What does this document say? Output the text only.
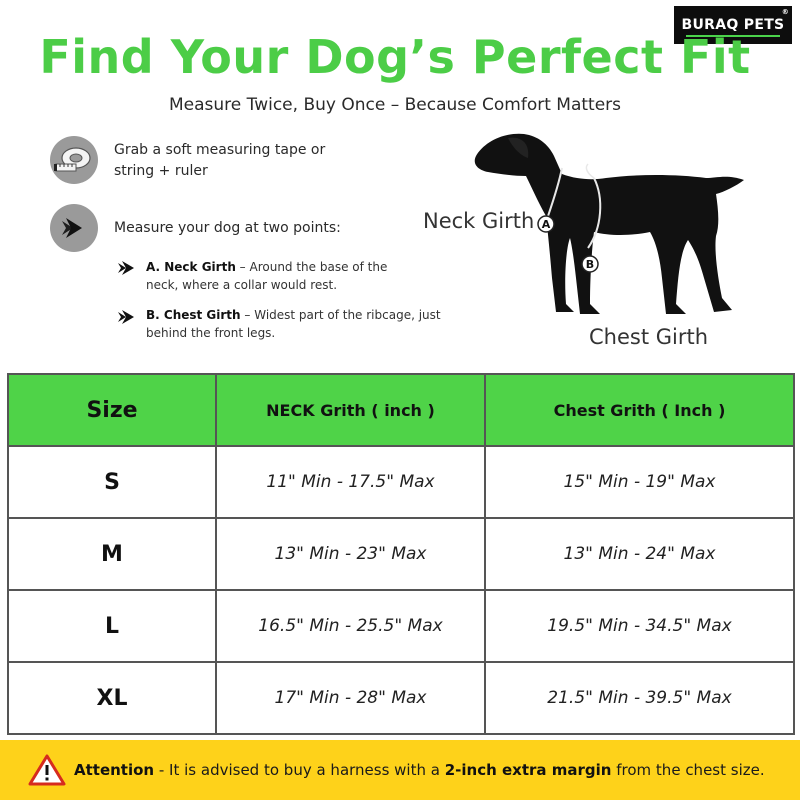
BURAQ PETS
®
Find Your Dog’s Perfect Fit
Measure Twice, Buy Once – Because Comfort Matters
Grab a soft measuring tape or
string + ruler
Measure your dog at two points:
A. Neck Girth – Around the base of the
neck, where a collar would rest.
B. Chest Girth – Widest part of the ribcage, just
behind the front legs.
A
B
Neck Girth
Chest Girth
Size	NECK Grith ( inch )	Chest Grith ( Inch )
S	11" Min - 17.5" Max	15" Min - 19" Max
M	13" Min - 23" Max	13" Min - 24" Max
L	16.5" Min - 25.5" Max	19.5" Min - 34.5" Max
XL	17" Min - 28" Max	21.5" Min - 39.5" Max
Attention - It is advised to buy a harness with a 2-inch extra margin from the chest size.
